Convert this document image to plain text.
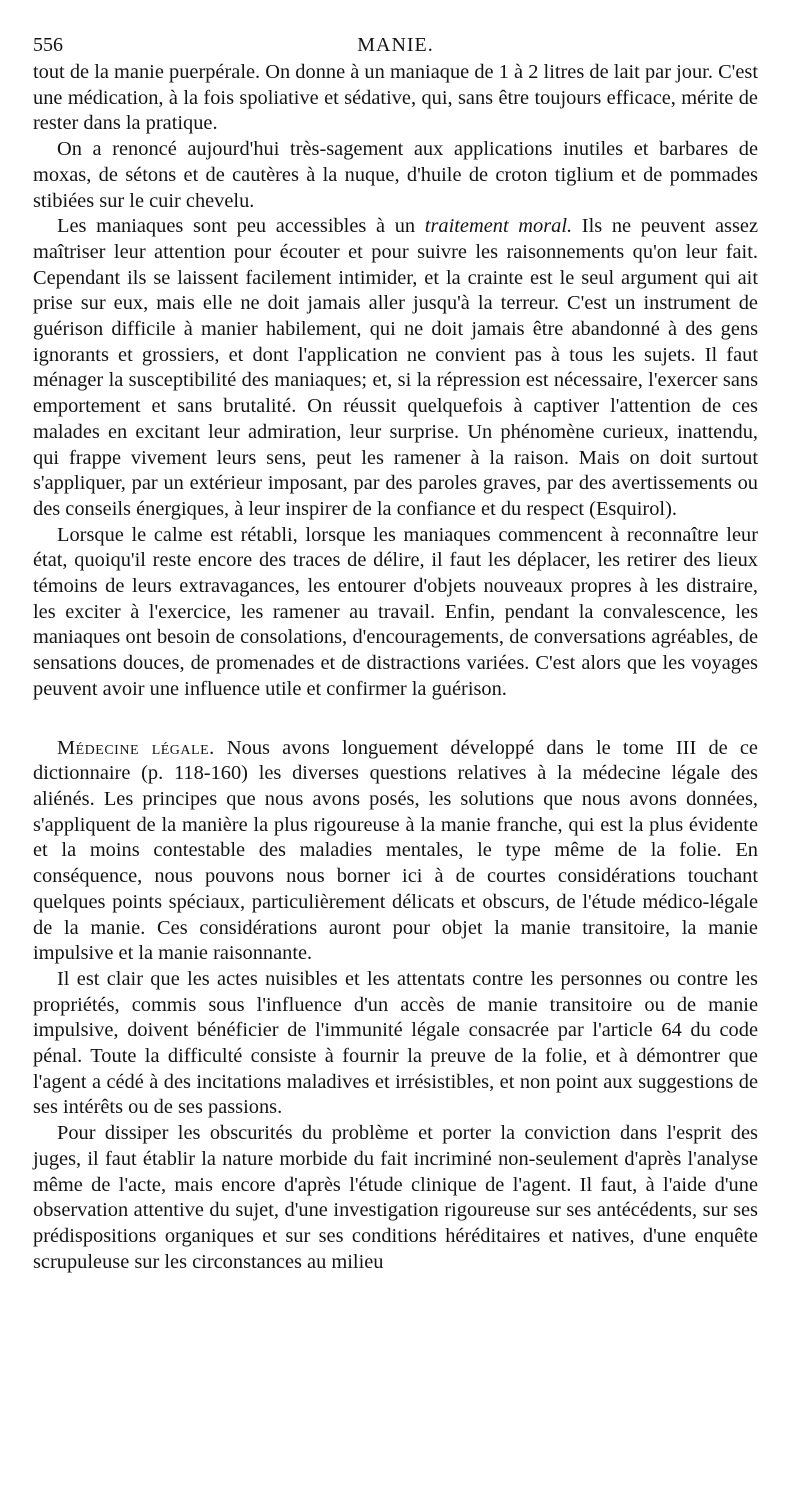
556	MANIE.

tout de la manie puerpérale. On donne à un maniaque de 1 à 2 litres de lait par jour. C'est une médication, à la fois spoliative et sédative, qui, sans être toujours efficace, mérite de rester dans la pratique.

On a renoncé aujourd'hui très-sagement aux applications inutiles et barbares de moxas, de sétons et de cautères à la nuque, d'huile de croton tiglium et de pommades stibiées sur le cuir chevelu.

Les maniaques sont peu accessibles à un traitement moral. Ils ne peuvent assez maîtriser leur attention pour écouter et pour suivre les raisonnements qu'on leur fait. Cependant ils se laissent facilement intimider, et la crainte est le seul argument qui ait prise sur eux, mais elle ne doit jamais aller jusqu'à la terreur. C'est un instrument de guérison difficile à manier habilement, qui ne doit jamais être abandonné à des gens ignorants et grossiers, et dont l'application ne convient pas à tous les sujets. Il faut ménager la susceptibilité des maniaques; et, si la répression est nécessaire, l'exercer sans emportement et sans brutalité. On réussit quelquefois à captiver l'attention de ces malades en excitant leur admiration, leur surprise. Un phénomène curieux, inattendu, qui frappe vivement leurs sens, peut les ramener à la raison. Mais on doit surtout s'appliquer, par un extérieur imposant, par des paroles graves, par des avertissements ou des conseils énergiques, à leur inspirer de la confiance et du respect (Esquirol).

Lorsque le calme est rétabli, lorsque les maniaques commencent à reconnaître leur état, quoiqu'il reste encore des traces de délire, il faut les déplacer, les retirer des lieux témoins de leurs extravagances, les entourer d'objets nouveaux propres à les distraire, les exciter à l'exercice, les ramener au travail. Enfin, pendant la convalescence, les maniaques ont besoin de consolations, d'encouragements, de conversations agréables, de sensations douces, de promenades et de distractions variées. C'est alors que les voyages peuvent avoir une influence utile et confirmer la guérison.

Médecine légale. Nous avons longuement développé dans le tome III de ce dictionnaire (p. 118-160) les diverses questions relatives à la médecine légale des aliénés. Les principes que nous avons posés, les solutions que nous avons données, s'appliquent de la manière la plus rigoureuse à la manie franche, qui est la plus évidente et la moins contestable des maladies mentales, le type même de la folie. En conséquence, nous pouvons nous borner ici à de courtes considérations touchant quelques points spéciaux, particulièrement délicats et obscurs, de l'étude médico-légale de la manie. Ces considérations auront pour objet la manie transitoire, la manie impulsive et la manie raisonnante.

Il est clair que les actes nuisibles et les attentats contre les personnes ou contre les propriétés, commis sous l'influence d'un accès de manie transitoire ou de manie impulsive, doivent bénéficier de l'immunité légale consacrée par l'article 64 du code pénal. Toute la difficulté consiste à fournir la preuve de la folie, et à démontrer que l'agent a cédé à des incitations maladives et irrésistibles, et non point aux suggestions de ses intérêts ou de ses passions.

Pour dissiper les obscurités du problème et porter la conviction dans l'esprit des juges, il faut établir la nature morbide du fait incriminé non-seulement d'après l'analyse même de l'acte, mais encore d'après l'étude clinique de l'agent. Il faut, à l'aide d'une observation attentive du sujet, d'une investigation rigoureuse sur ses antécédents, sur ses prédispositions organiques et sur ses conditions héréditaires et natives, d'une enquête scrupuleuse sur les circonstances au milieu
